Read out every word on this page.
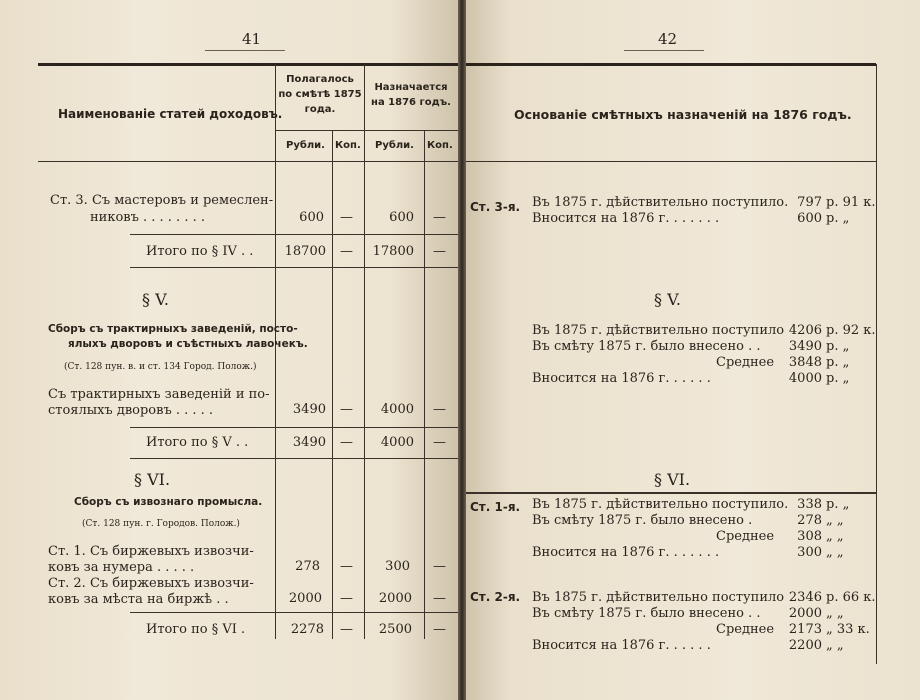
41
Наименованіе статей доходовъ.
Полагалось по смѣтѣ 1875 года.
Назначается на 1876 годъ.
Рубли. Коп. Рубли. Коп.
Ст. 3. Съ мастеровъ и ремеслен-
никовъ . . . . . . . .	600 —	600 —
Итого по § IV . .	18700 —	17800 —
§ V.
Сборъ съ трактирныхъ заведеній, посто-
ялыхъ дворовъ и съѣстныхъ лавочекъ.
(Ст. 128 пун. в. и ст. 134 Город. Полож.)
Съ трактирныхъ заведеній и по-
стоялыхъ дворовъ . . . . .	3490 —	4000 —
Итого по § V . .	3490 —	4000 —
§ VI.
Сборъ съ извознаго промысла.
(Ст. 128 пун. г. Городов. Полож.)
Ст. 1. Съ биржевыхъ извозчи-
ковъ за нумера . . . . .	278 —	300 —
Ст. 2. Съ биржевыхъ извозчи-
ковъ за мѣста на биржѣ . .	2000 —	2000 —
Итого по § VI .	2278 —	2500 —
42
Основаніе смѣтныхъ назначеній на 1876 годъ.
Ст. 3-я. Въ 1875 г. дѣйствительно поступило. 797 р. 91 к.
Вносится на 1876 г. . . . . . .	600 р. „
§ V.
Въ 1875 г. дѣйствительно поступило 4206 р. 92 к.
Въ смѣту 1875 г. было внесено . .	3490 р. „
Среднее	3848 р. „
Вносится на 1876 г. . . . . .	4000 р. „
§ VI.
Ст. 1-я. Въ 1875 г. дѣйствительно поступило. 338 р. „
Въ смѣту 1875 г. было внесено .	278 „ „
Среднее	308 „ „
Вносится на 1876 г. . . . . . .	300 „ „
Ст. 2-я. Въ 1875 г. дѣйствительно поступило 2346 р. 66 к.
Въ смѣту 1875 г. было внесено . .	2000 „ „
Среднее	2173 „ 33 к.
Вносится на 1876 г. . . . . .	2200 „ „
